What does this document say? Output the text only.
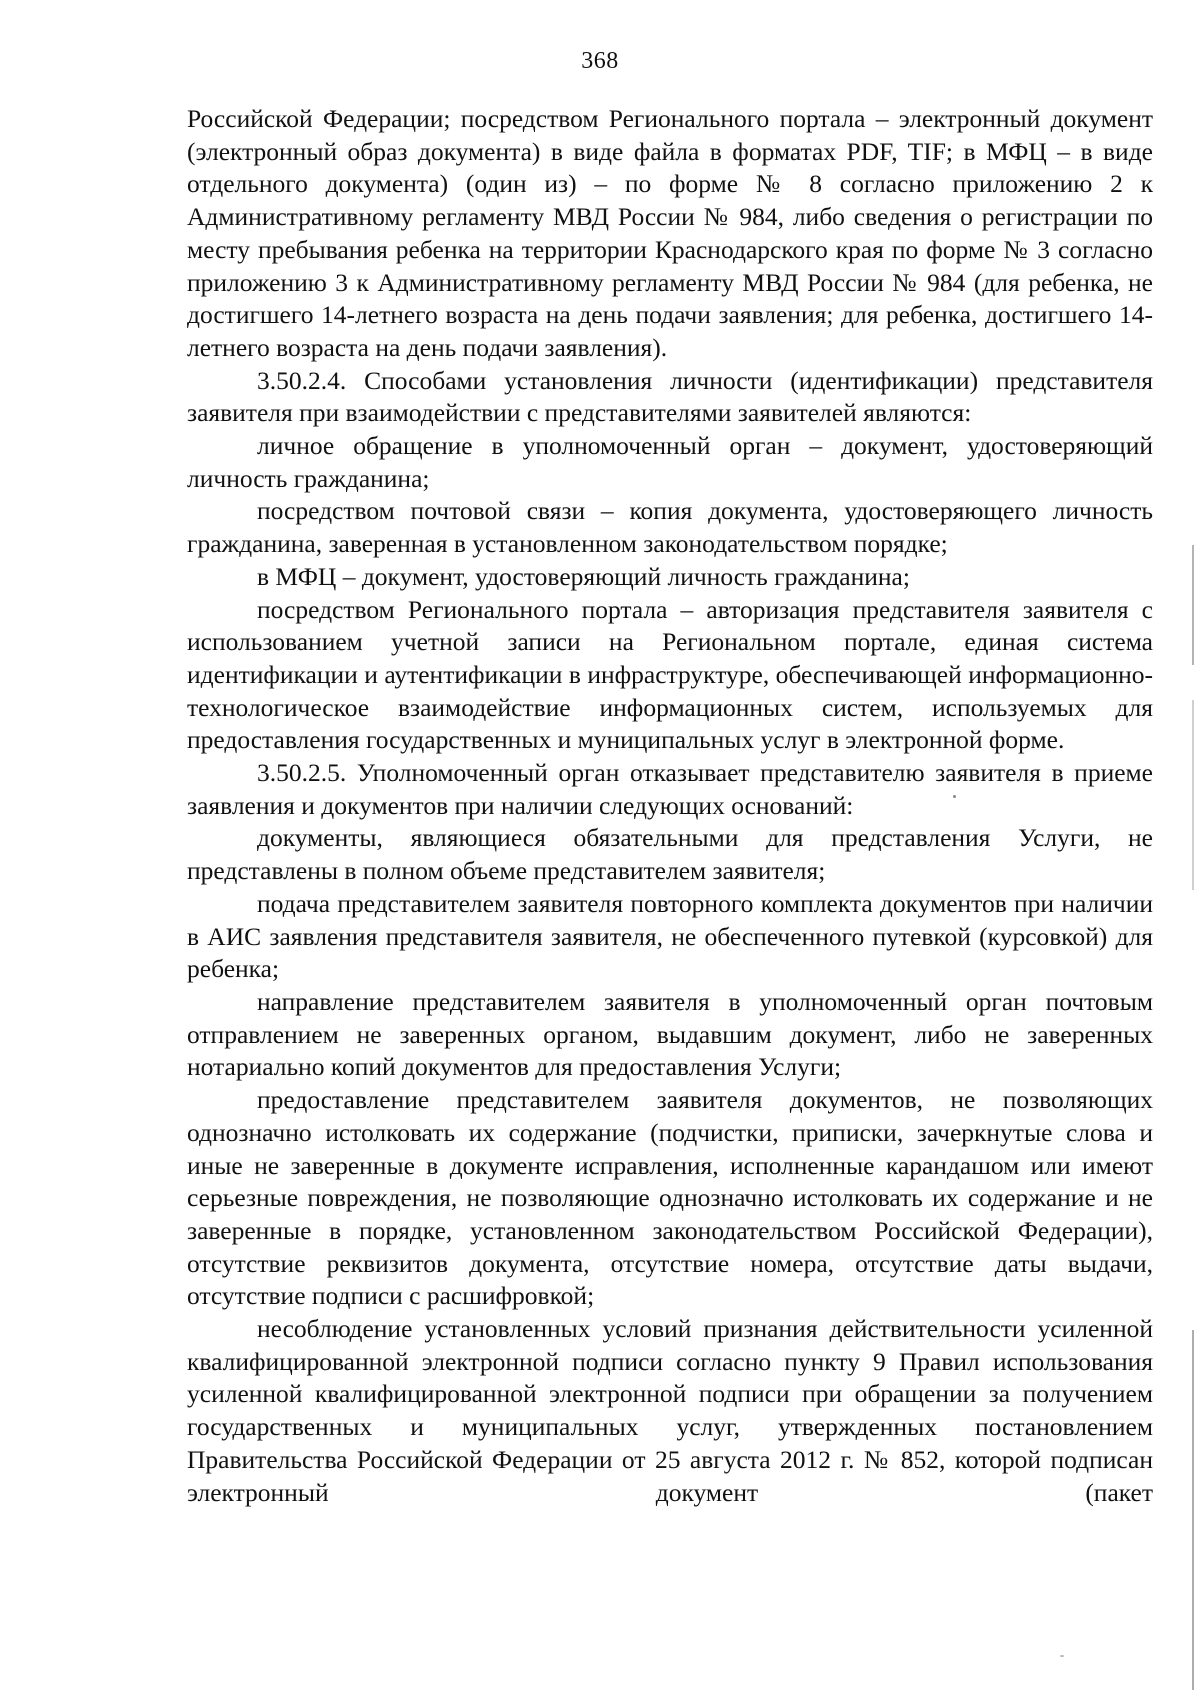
368

Российской Федерации; посредством Регионального портала – электронный документ (электронный образ документа) в виде файла в форматах PDF, TIF; в МФЦ – в виде отдельного документа) (один из) – по форме № 8 согласно приложению 2 к Административному регламенту МВД России № 984, либо сведения о регистрации по месту пребывания ребенка на территории Краснодарского края по форме № 3 согласно приложению 3 к Административному регламенту МВД России № 984 (для ребенка, не достигшего 14-летнего возраста на день подачи заявления; для ребенка, достигшего 14-летнего возраста на день подачи заявления).

3.50.2.4. Способами установления личности (идентификации) представителя заявителя при взаимодействии с представителями заявителей являются:

личное обращение в уполномоченный орган – документ, удостоверяющий личность гражданина;

посредством почтовой связи – копия документа, удостоверяющего личность гражданина, заверенная в установленном законодательством порядке;

в МФЦ – документ, удостоверяющий личность гражданина;

посредством Регионального портала – авторизация представителя заявителя с использованием учетной записи на Региональном портале, единая система идентификации и аутентификации в инфраструктуре, обеспечивающей информационно-технологическое взаимодействие информационных систем, используемых для предоставления государственных и муниципальных услуг в электронной форме.

3.50.2.5. Уполномоченный орган отказывает представителю заявителя в приеме заявления и документов при наличии следующих оснований:

документы, являющиеся обязательными для представления Услуги, не представлены в полном объеме представителем заявителя;

подача представителем заявителя повторного комплекта документов при наличии в АИС заявления представителя заявителя, не обеспеченного путевкой (курсовкой) для ребенка;

направление представителем заявителя в уполномоченный орган почтовым отправлением не заверенных органом, выдавшим документ, либо не заверенных нотариально копий документов для предоставления Услуги;

предоставление представителем заявителя документов, не позволяющих однозначно истолковать их содержание (подчистки, приписки, зачеркнутые слова и иные не заверенные в документе исправления, исполненные карандашом или имеют серьезные повреждения, не позволяющие однозначно истолковать их содержание и не заверенные в порядке, установленном законодательством Российской Федерации), отсутствие реквизитов документа, отсутствие номера, отсутствие даты выдачи, отсутствие подписи с расшифровкой;

несоблюдение установленных условий признания действительности усиленной квалифицированной электронной подписи согласно пункту 9 Правил использования усиленной квалифицированной электронной подписи при обращении за получением государственных и муниципальных услуг, утвержденных постановлением Правительства Российской Федерации от 25 августа 2012 г. № 852, которой подписан электронный документ (пакет
